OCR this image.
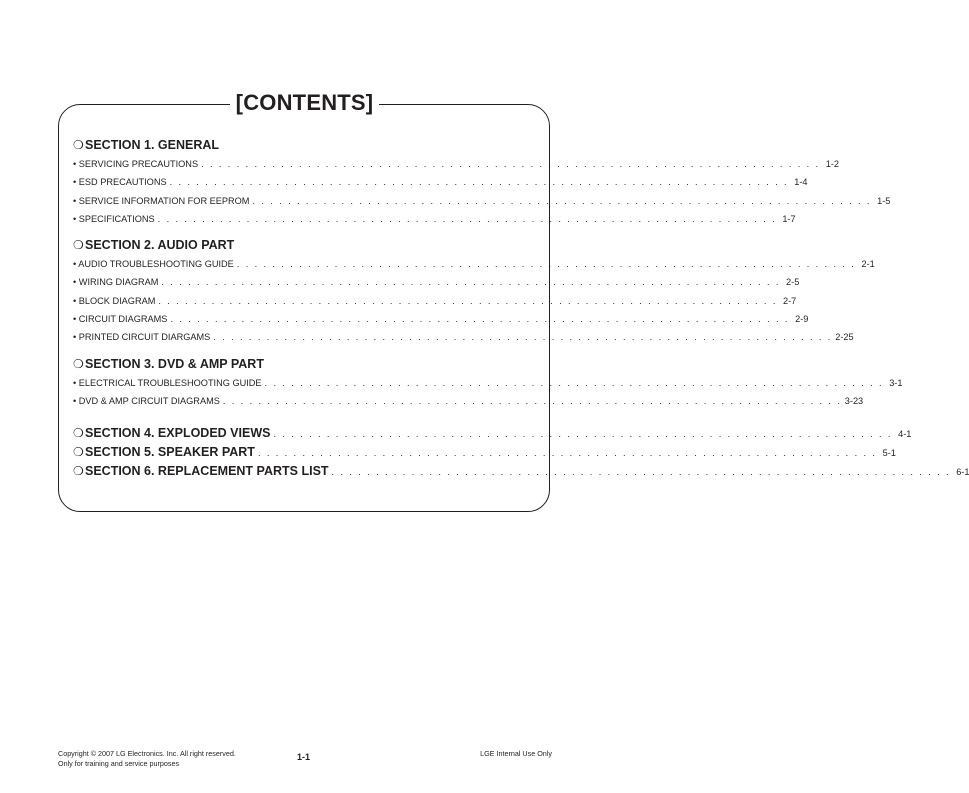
[CONTENTS]
❍ SECTION 1. GENERAL
• SERVICING PRECAUTIONS . . . . . . . . . . . . . . . . . . . . . . . . . . . . . . . . . . . . . . . . . . . . . . . . . . . . . . . . . . . . . . . . . . . . . . 1-2
• ESD PRECAUTIONS . . . . . . . . . . . . . . . . . . . . . . . . . . . . . . . . . . . . . . . . . . . . . . . . . . . . . . . . . . . . . . . . . . . . . . 1-4
• SERVICE INFORMATION FOR EEPROM . . . . . . . . . . . . . . . . . . . . . . . . . . . . . . . . . . . . . . . . . . . . . . . . . . . . . . . . . . . . . . . . . . . . . . 1-5
• SPECIFICATIONS . . . . . . . . . . . . . . . . . . . . . . . . . . . . . . . . . . . . . . . . . . . . . . . . . . . . . . . . . . . . . . . . . . . . . . 1-7
❍ SECTION 2. AUDIO PART
• AUDIO TROUBLESHOOTING GUIDE . . . . . . . . . . . . . . . . . . . . . . . . . . . . . . . . . . . . . . . . . . . . . . . . . . . . . . . . . . . . . . . . . . . . . . 2-1
• WIRING DIAGRAM . . . . . . . . . . . . . . . . . . . . . . . . . . . . . . . . . . . . . . . . . . . . . . . . . . . . . . . . . . . . . . . . . . . . . . 2-5
• BLOCK DIAGRAM . . . . . . . . . . . . . . . . . . . . . . . . . . . . . . . . . . . . . . . . . . . . . . . . . . . . . . . . . . . . . . . . . . . . . . 2-7
• CIRCUIT DIAGRAMS . . . . . . . . . . . . . . . . . . . . . . . . . . . . . . . . . . . . . . . . . . . . . . . . . . . . . . . . . . . . . . . . . . . . . . 2-9
• PRINTED CIRCUIT DIARGAMS . . . . . . . . . . . . . . . . . . . . . . . . . . . . . . . . . . . . . . . . . . . . . . . . . . . . . . . . . . . . . . . . . . . . . . 2-25
❍ SECTION 3. DVD & AMP PART
• ELECTRICAL TROUBLESHOOTING GUIDE . . . . . . . . . . . . . . . . . . . . . . . . . . . . . . . . . . . . . . . . . . . . . . . . . . . . . . . . . . . . . . . . . . . . . . 3-1
• DVD & AMP CIRCUIT DIAGRAMS . . . . . . . . . . . . . . . . . . . . . . . . . . . . . . . . . . . . . . . . . . . . . . . . . . . . . . . . . . . . . . . . . . . . . . 3-23
❍SECTION 4. EXPLODED VIEWS . . . . . . . . . . . . . . . . . . . . . . . . . . . . . . . . . . . . . . . . . . . . . . . . . . . . . . . . . . . . . . . . . . . . . . 4-1
❍SECTION 5. SPEAKER PART . . . . . . . . . . . . . . . . . . . . . . . . . . . . . . . . . . . . . . . . . . . . . . . . . . . . . . . . . . . . . . . . . . . . . . 5-1
❍SECTION 6. REPLACEMENT PARTS LIST . . . . . . . . . . . . . . . . . . . . . . . . . . . . . . . . . . . . . . . . . . . . . . . . . . . . . . . . . . . . . . . . . . . . . . 6-1
Copyright © 2007 LG Electronics. Inc. All right reserved.
Only for training and service purposes
1-1	LGE Internal Use Only
